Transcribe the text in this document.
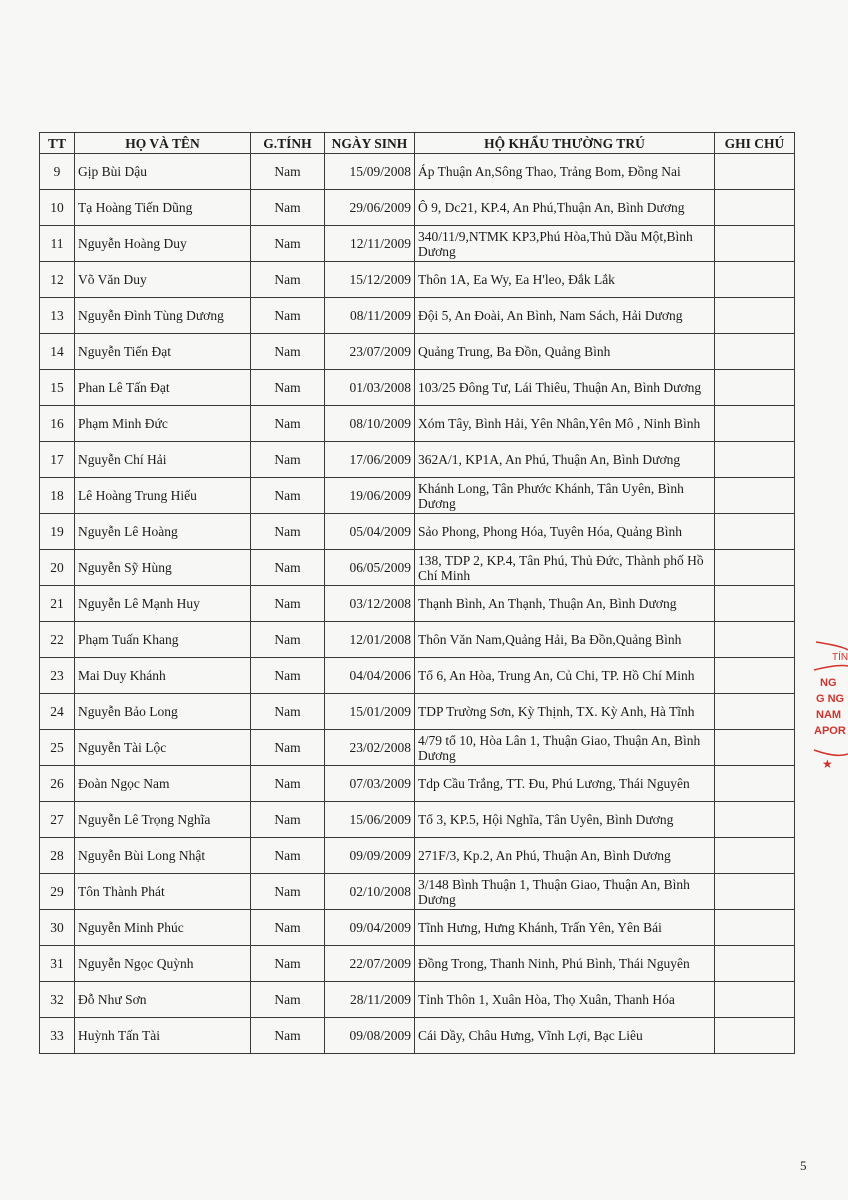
TT	HỌ VÀ TÊN	G.TÍNH	NGÀY SINH	HỘ KHẨU THƯỜNG TRÚ	GHI CHÚ
9	Gịp Bùi Dậu	Nam	15/09/2008	Áp Thuận An,Sông Thao, Trảng Bom, Đồng Nai	
10	Tạ Hoàng Tiến Dũng	Nam	29/06/2009	Ô 9, Dc21, KP.4, An Phú,Thuận An, Bình Dương	
11	Nguyễn Hoàng Duy	Nam	12/11/2009	340/11/9,NTMK KP3,Phú Hòa,Thủ Dầu Một,Bình Dương	
12	Võ Văn Duy	Nam	15/12/2009	Thôn 1A, Ea Wy, Ea H'leo, Đắk Lắk	
13	Nguyễn Đình Tùng Dương	Nam	08/11/2009	Đội 5, An Đoài, An Bình, Nam Sách, Hải Dương	
14	Nguyễn Tiến Đạt	Nam	23/07/2009	Quảng Trung, Ba Đồn, Quảng Bình	
15	Phan Lê Tấn Đạt	Nam	01/03/2008	103/25 Đông Tư, Lái Thiêu, Thuận An, Bình Dương	
16	Phạm Minh Đức	Nam	08/10/2009	Xóm Tây, Bình Hải, Yên Nhân,Yên Mô , Ninh Bình	
17	Nguyễn Chí Hải	Nam	17/06/2009	362A/1, KP1A, An Phú, Thuận An, Bình Dương	
18	Lê Hoàng Trung Hiếu	Nam	19/06/2009	Khánh Long, Tân Phước Khánh, Tân Uyên, Bình Dương	
19	Nguyễn Lê Hoàng	Nam	05/04/2009	Sảo Phong, Phong Hóa, Tuyên Hóa, Quảng Bình	
20	Nguyễn Sỹ Hùng	Nam	06/05/2009	138, TDP 2, KP.4, Tân Phú, Thủ Đức, Thành phố Hồ Chí Minh	
21	Nguyễn Lê Mạnh Huy	Nam	03/12/2008	Thạnh Bình, An Thạnh, Thuận An, Bình Dương	
22	Phạm Tuấn Khang	Nam	12/01/2008	Thôn Văn Nam,Quảng Hải, Ba Đồn,Quảng Bình	
23	Mai Duy Khánh	Nam	04/04/2006	Tổ 6, An Hòa, Trung An, Củ Chi, TP. Hồ Chí Minh	
24	Nguyễn Bảo Long	Nam	15/01/2009	TDP Trường Sơn, Kỳ Thịnh, TX. Kỳ Anh, Hà Tĩnh	
25	Nguyễn Tài Lộc	Nam	23/02/2008	4/79 tổ 10, Hòa Lân 1, Thuận Giao, Thuận An, Bình Dương	
26	Đoàn Ngọc Nam	Nam	07/03/2009	Tdp Cầu Trắng, TT. Đu, Phú Lương, Thái Nguyên	
27	Nguyễn Lê Trọng Nghĩa	Nam	15/06/2009	Tổ 3, KP.5, Hội Nghĩa, Tân Uyên, Bình Dương	
28	Nguyễn Bùi Long Nhật	Nam	09/09/2009	271F/3, Kp.2, An Phú, Thuận An, Bình Dương	
29	Tôn Thành Phát	Nam	02/10/2008	3/148 Bình Thuận 1, Thuận Giao, Thuận An, Bình Dương	
30	Nguyễn Minh Phúc	Nam	09/04/2009	Tĩnh Hưng, Hưng Khánh, Trấn Yên, Yên Bái	
31	Nguyễn Ngọc Quỳnh	Nam	22/07/2009	Đồng Trong, Thanh Ninh, Phú Bình, Thái Nguyên	
32	Đỗ Như Sơn	Nam	28/11/2009	Tỉnh Thôn 1, Xuân Hòa, Thọ Xuân, Thanh Hóa	
33	Huỳnh Tấn Tài	Nam	09/08/2009	Cái Dầy, Châu Hưng, Vĩnh Lợi, Bạc Liêu	
TÍN
NG
G NG
NAM
APOR
★
5
